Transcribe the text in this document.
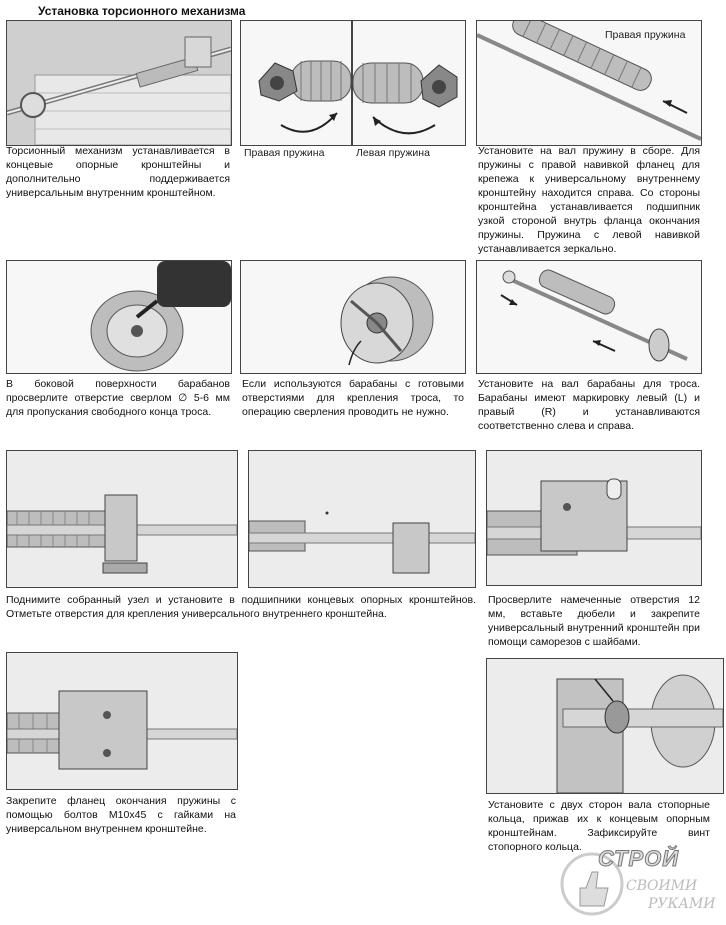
Установка торсионного механизма
Торсионный механизм устанавливается в концевые опорные кронштейны и дополнительно поддерживается универсальным внутренним кронштейном.
Правая пружина	Левая пружина
Правая пружина
Установите на вал пружину в сборе. Для пружины с правой навивкой фланец для крепежа к универсальному внутреннему кронштейну находится справа. Со стороны кронштейна устанавливается подшипник узкой стороной внутрь фланца окончания пружины. Пружина с левой навивкой устанавливается зеркально.
В боковой поверхности барабанов просверлите отверстие сверлом ∅ 5-6 мм для пропускания свободного конца троса.
Если используются барабаны с готовыми отверстиями для крепления троса, то операцию сверления проводить не нужно.
Установите на вал барабаны для троса. Барабаны имеют маркировку левый (L) и правый (R) и устанавливаются соответственно слева и справа.
Поднимите собранный узел и установите в подшипники концевых опорных кронштейнов. Отметьте отверстия для крепления универсального внутреннего кронштейна.
Просверлите намеченные отверстия 12 мм, вставьте дюбели и закрепите универсальный внутренний кронштейн при помощи саморезов с шайбами.
Закрепите фланец окончания пружины с помощью болтов М10х45 с гайками на универсальном внутреннем кронштейне.
Установите с двух сторон вала стопорные кольца, прижав их к концевым опорным кронштейнам. Зафиксируйте винт стопорного кольца. СТРОЙ
СВОИМИ
РУКАМИ
